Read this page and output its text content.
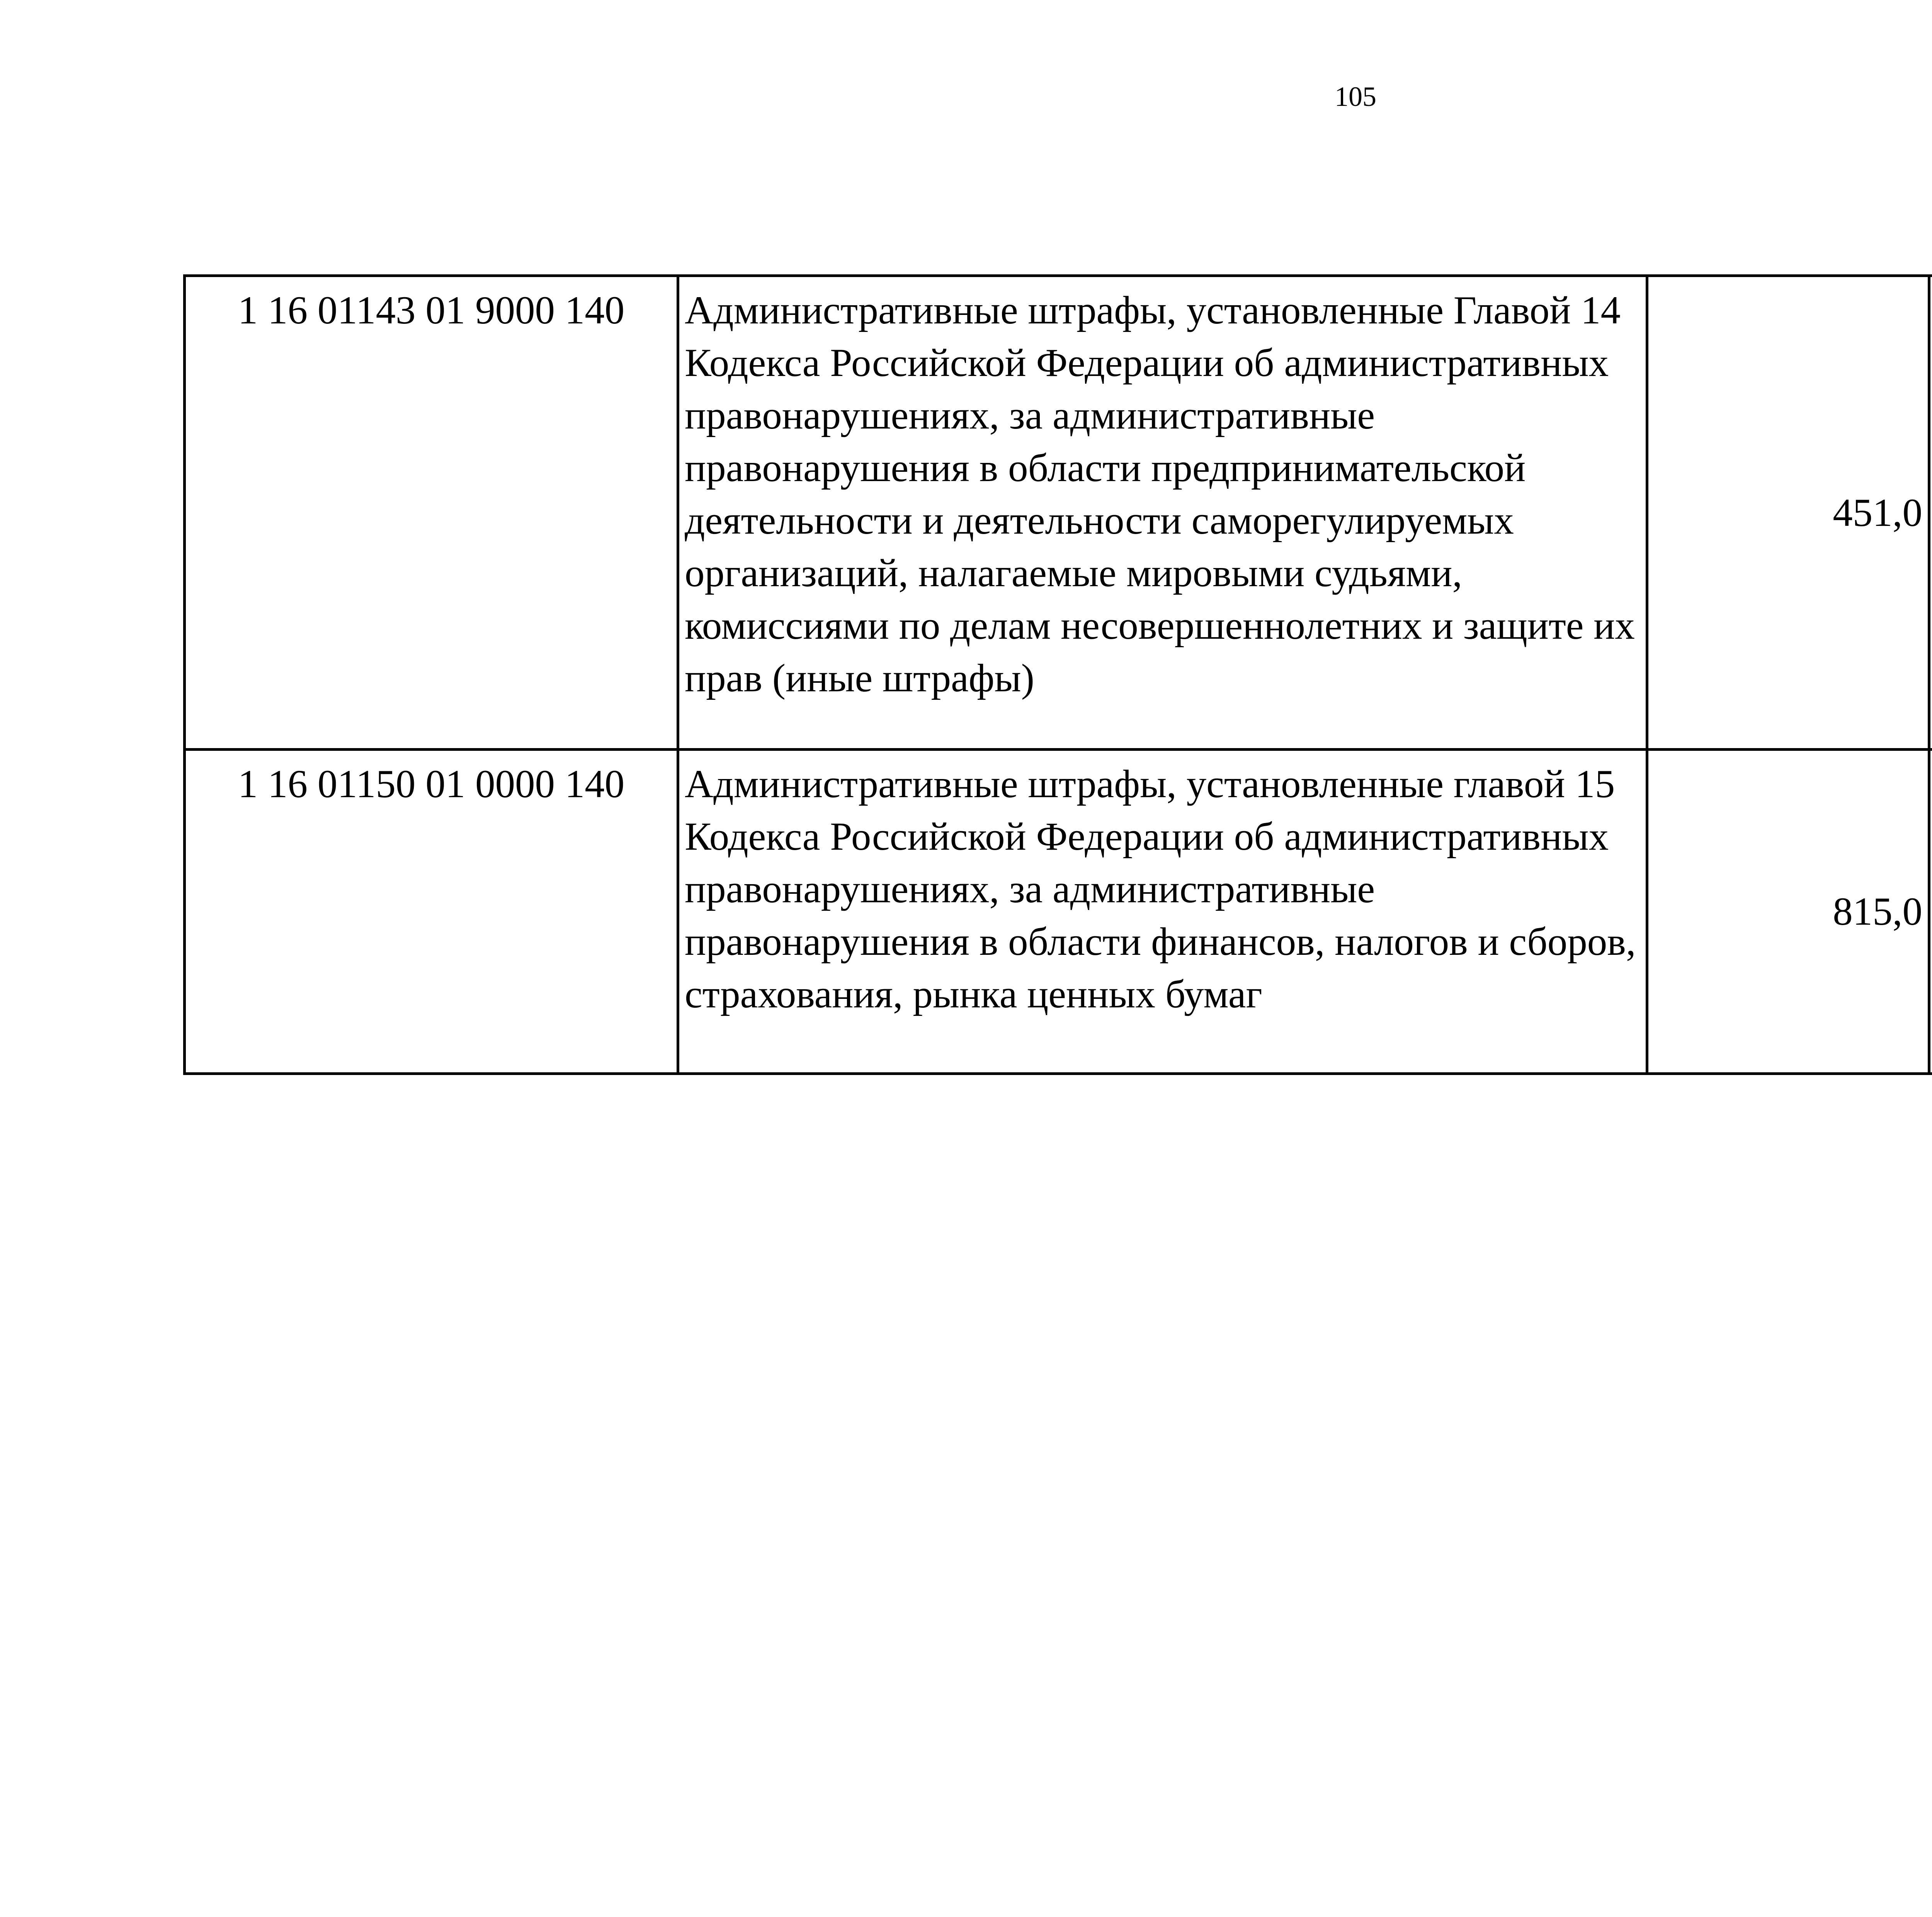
105
1 16 01143 01 9000 140	Административные штрафы, установленные Главой 14 Кодекса Российской Федерации об административных правонарушениях, за административные правонарушения в области предпринимательской деятельности и деятельности саморегулируемых организаций, налагаемые мировыми судьями, комиссиями по делам несовершеннолетних и защите их прав (иные штрафы)	451,0		
1 16 01150 01 0000 140	Административные штрафы, установленные главой 15 Кодекса Российской Федерации об административных правонарушениях, за административные правонарушения в области финансов, налогов и сборов, страхования, рынка ценных бумаг	815,0		
